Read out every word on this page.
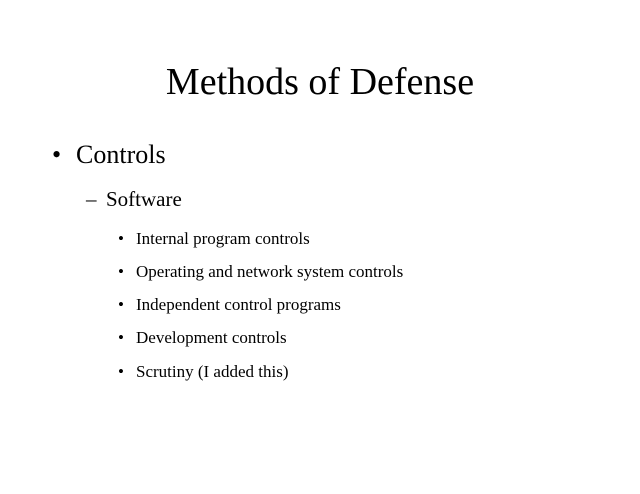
Methods of Defense
• Controls
– Software
• Internal program controls
• Operating and network system controls
• Independent control programs
• Development controls
• Scrutiny (I added this)
